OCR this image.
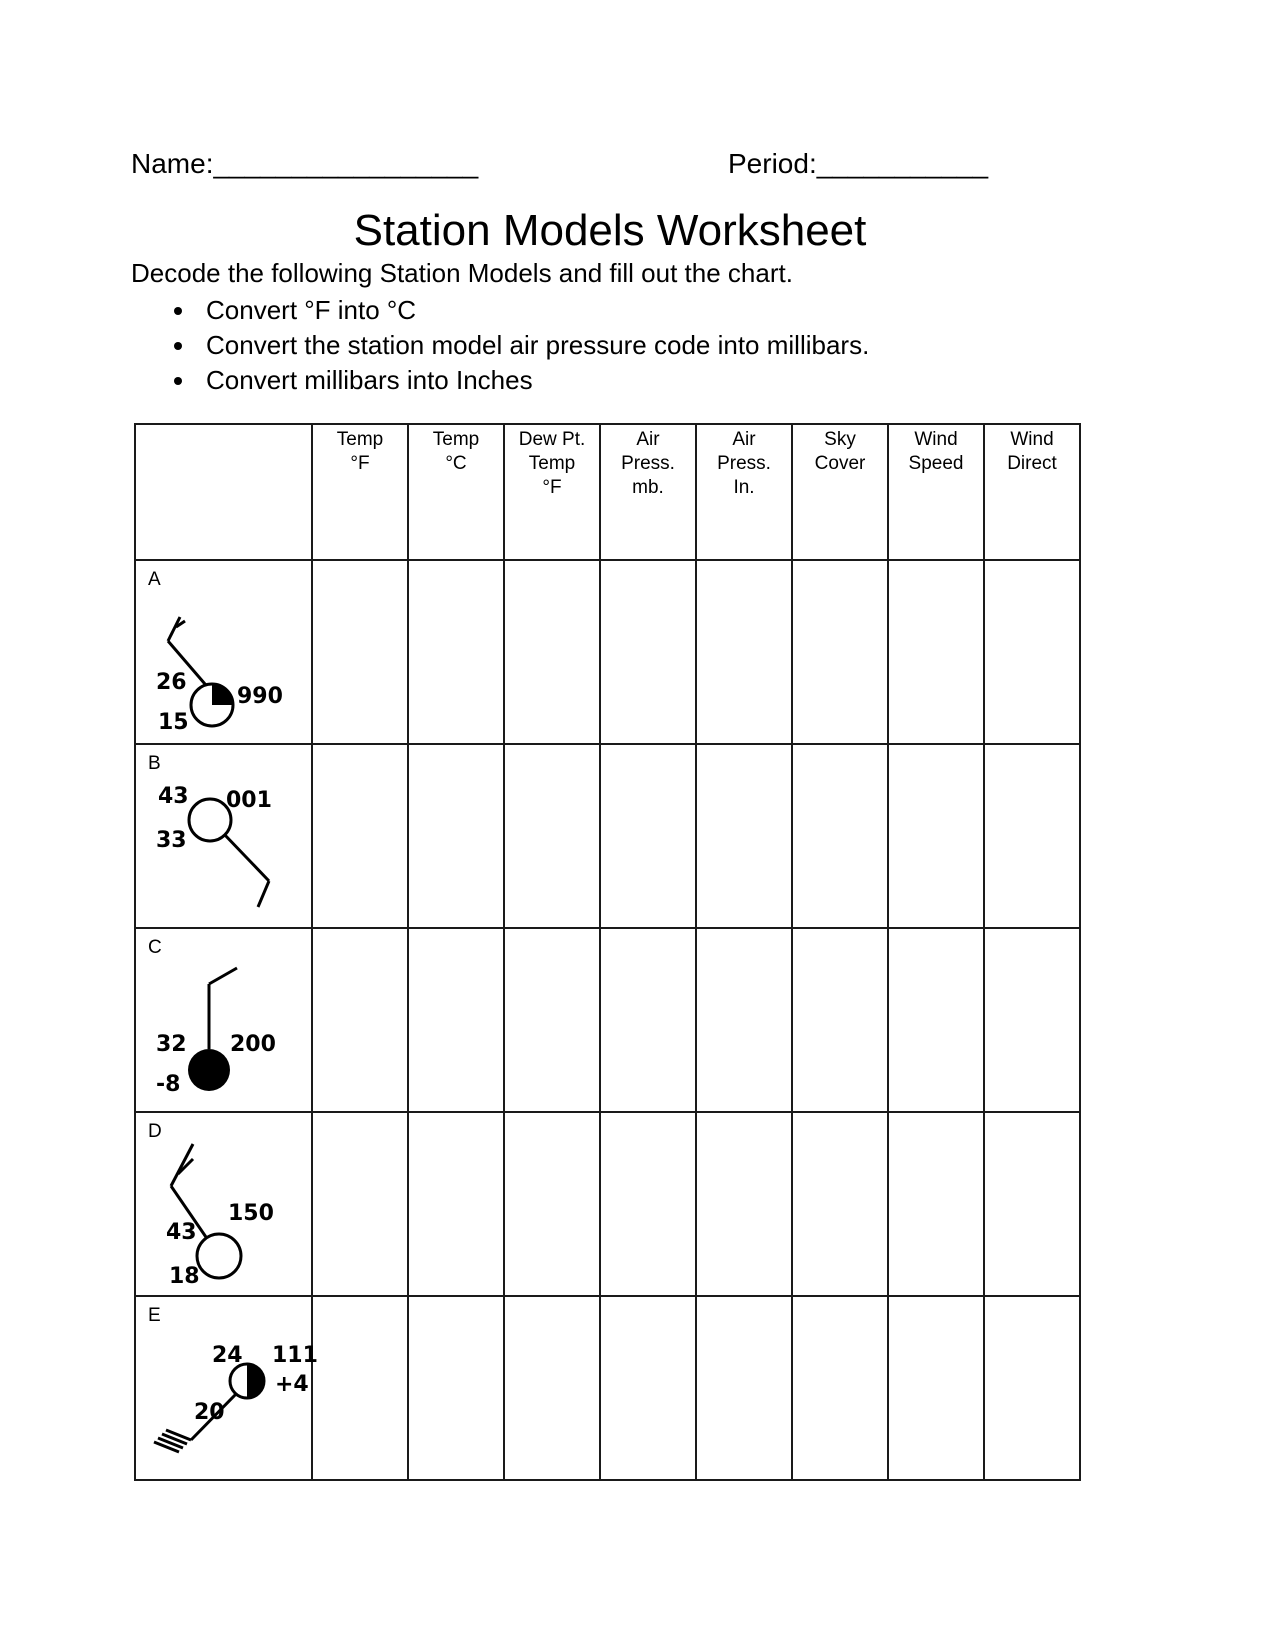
Name:_________________	Period:___________
Station Models Worksheet
Decode the following Station Models and fill out the chart.
Convert °F into °C
Convert the station model air pressure code into millibars.
Convert millibars into Inches

	Temp
°F	Temp
°C	Dew Pt.
Temp
°F	Air
Press.
mb.	Air
Press.
In.	Sky
Cover	Wind
Speed	Wind
Direct

A
26
15
990								

B
43
33
001								

C
32
-8
200								

D
43
18
150								

E
24
20
111
+4								
